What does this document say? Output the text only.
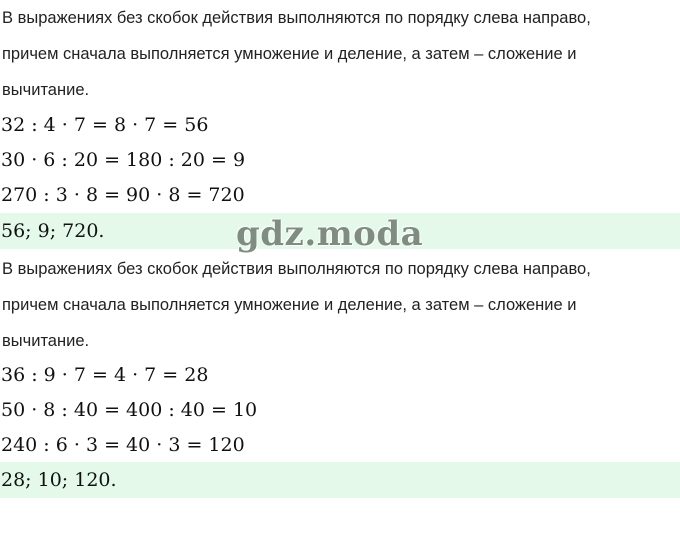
В выражениях без скобок действия выполняются по порядку слева направо,
причем сначала выполняется умножение и деление, а затем – сложение и
вычитание.
32 : 4 · 7 = 8 · 7 = 56
30 · 6 : 20 = 180 : 20 = 9
270 : 3 · 8 = 90 · 8 = 720
56; 9; 720.	gdz.moda
В выражениях без скобок действия выполняются по порядку слева направо,
причем сначала выполняется умножение и деление, а затем – сложение и
вычитание.
36 : 9 · 7 = 4 · 7 = 28
50 · 8 : 40 = 400 : 40 = 10
240 : 6 · 3 = 40 · 3 = 120
28; 10; 120.
